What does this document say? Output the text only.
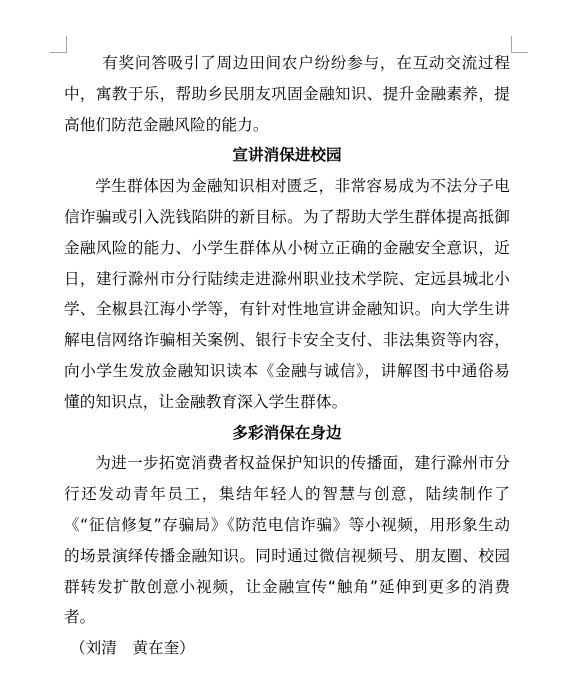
有奖问答吸引了周边田间农户纷纷参与，在互动交流过程中，寓教于乐，帮助乡民朋友巩固金融知识、提升金融素养，提高他们防范金融风险的能力。

宣讲消保进校园

学生群体因为金融知识相对匮乏，非常容易成为不法分子电信诈骗或引入洗钱陷阱的新目标。为了帮助大学生群体提高抵御金融风险的能力、小学生群体从小树立正确的金融安全意识，近日，建行滁州市分行陆续走进滁州职业技术学院、定远县城北小学、全椒县江海小学等，有针对性地宣讲金融知识。向大学生讲解电信网络诈骗相关案例、银行卡安全支付、非法集资等内容，向小学生发放金融知识读本《金融与诚信》，讲解图书中通俗易懂的知识点，让金融教育深入学生群体。

多彩消保在身边

为进一步拓宽消费者权益保护知识的传播面，建行滁州市分行还发动青年员工，集结年轻人的智慧与创意，陆续制作了《“征信修复”存骗局》《防范电信诈骗》等小视频，用形象生动的场景演绎传播金融知识。同时通过微信视频号、朋友圈、校园群转发扩散创意小视频，让金融宣传“触角”延伸到更多的消费者。

（刘清　黄在奎）
